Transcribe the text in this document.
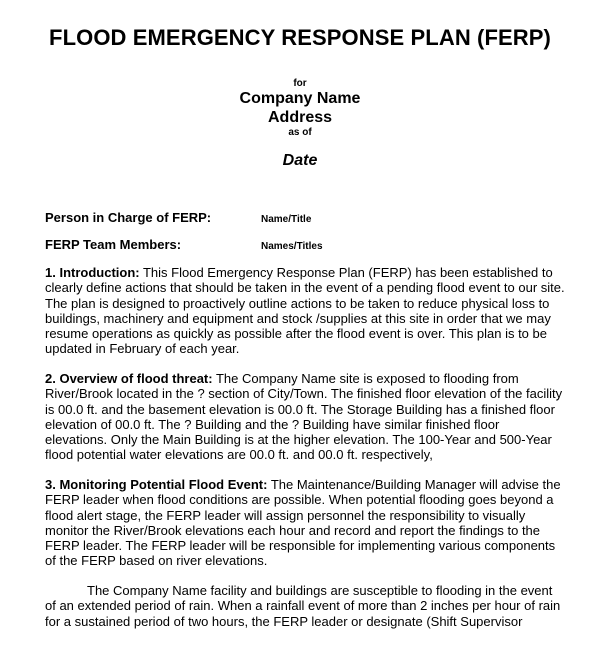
FLOOD EMERGENCY RESPONSE PLAN (FERP)
for
Company Name
Address
as of
Date
Person in Charge of FERP:	Name/Title
FERP Team Members:	Names/Titles
1. Introduction: This Flood Emergency Response Plan (FERP) has been established to clearly define actions that should be taken in the event of a pending flood event to our site. The plan is designed to proactively outline actions to be taken to reduce physical loss to buildings, machinery and equipment and stock /supplies at this site in order that we may resume operations as quickly as possible after the flood event is over. This plan is to be updated in February of each year.
2. Overview of flood threat: The Company Name site is exposed to flooding from River/Brook located in the ? section of City/Town. The finished floor elevation of the facility is 00.0 ft. and the basement elevation is 00.0 ft. The Storage Building has a finished floor elevation of 00.0 ft. The ? Building and the ? Building have similar finished floor elevations. Only the Main Building is at the higher elevation. The 100-Year and 500-Year flood potential water elevations are 00.0 ft. and 00.0 ft. respectively,
3. Monitoring Potential Flood Event: The Maintenance/Building Manager will advise the FERP leader when flood conditions are possible. When potential flooding goes beyond a flood alert stage, the FERP leader will assign personnel the responsibility to visually monitor the River/Brook elevations each hour and record and report the findings to the FERP leader. The FERP leader will be responsible for implementing various components of the FERP based on river elevations.
The Company Name facility and buildings are susceptible to flooding in the event of an extended period of rain. When a rainfall event of more than 2 inches per hour of rain for a sustained period of two hours, the FERP leader or designate (Shift Supervisor
